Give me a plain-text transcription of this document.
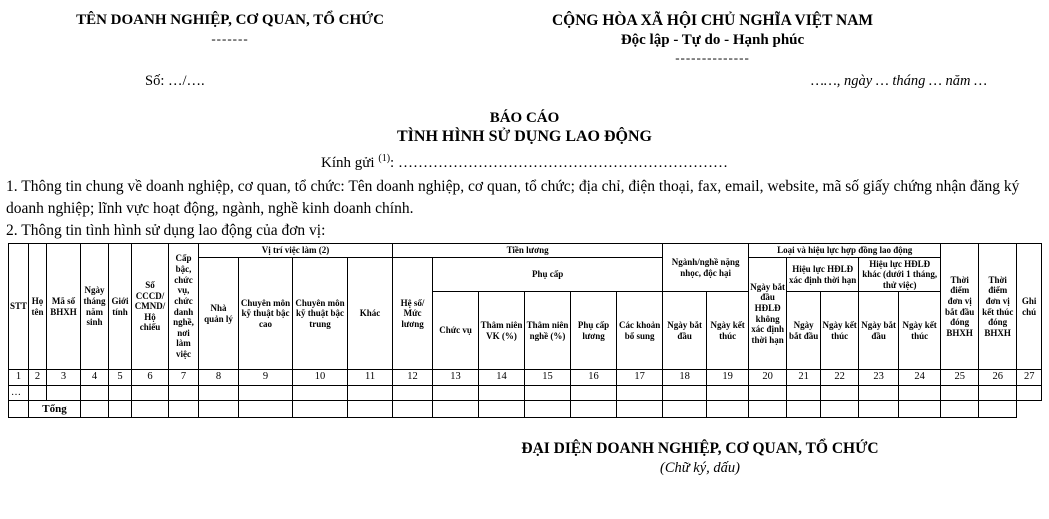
TÊN DOANH NGHIỆP, CƠ QUAN, TỔ CHỨC
-------
CỘNG HÒA XÃ HỘI CHỦ NGHĨA VIỆT NAM
Độc lập - Tự do - Hạnh phúc
--------------
Số: …/….	……, ngày … tháng … năm …
BÁO CÁO
TÌNH HÌNH SỬ DỤNG LAO ĐỘNG
Kính gửi $^{(1)}$: …………………………………………………………
1. Thông tin chung về doanh nghiệp, cơ quan, tổ chức: Tên doanh nghiệp, cơ quan, tổ chức; địa chỉ, điện thoại, fax, email, website, mã số giấy chứng nhận đăng ký doanh nghiệp; lĩnh vực hoạt động, ngành, nghề kinh doanh chính.
2. Thông tin tình hình sử dụng lao động của đơn vị:
STT	Họ tên	Mã số BHXH	Ngày tháng năm sinh	Giới tính	Số CCCD/ CMND/ Hộ chiếu	Cấp bậc, chức vụ, chức danh nghề, nơi làm việc	Vị trí việc làm (2)				Tiền lương						Ngành/nghề nặng nhọc, độc hại		Loại và hiệu lực hợp đồng lao động					Thời điểm đơn vị bắt đầu đóng BHXH	Thời điểm đơn vị kết thúc đóng BHXH	Ghi chú
							Nhà quản lý	Chuyên môn kỹ thuật bậc cao	Chuyên môn kỹ thuật bậc trung	Khác	Hệ số/ Mức lương	Phụ cấp							Ngày bắt đầu HĐLĐ không xác định thời hạn	Hiệu lực HĐLĐ xác định thời hạn		Hiệu lực HĐLĐ khác (dưới 1 tháng, thử việc)				
												Chức vụ	Thâm niên VK (%)	Thâm niên nghề (%)	Phụ cấp lương	Các khoản bổ sung	Ngày bắt đầu	Ngày kết thúc		Ngày bắt đầu	Ngày kết thúc	Ngày bắt đầu	Ngày kết thúc			
1	2	3	4	5	6	7	8	9	10	11	12	13	14	15	16	17	18	19	20	21	22	23	24	25	26	27
…																										
	Tổng																									
ĐẠI DIỆN DOANH NGHIỆP, CƠ QUAN, TỔ CHỨC
(Chữ ký, dấu)
